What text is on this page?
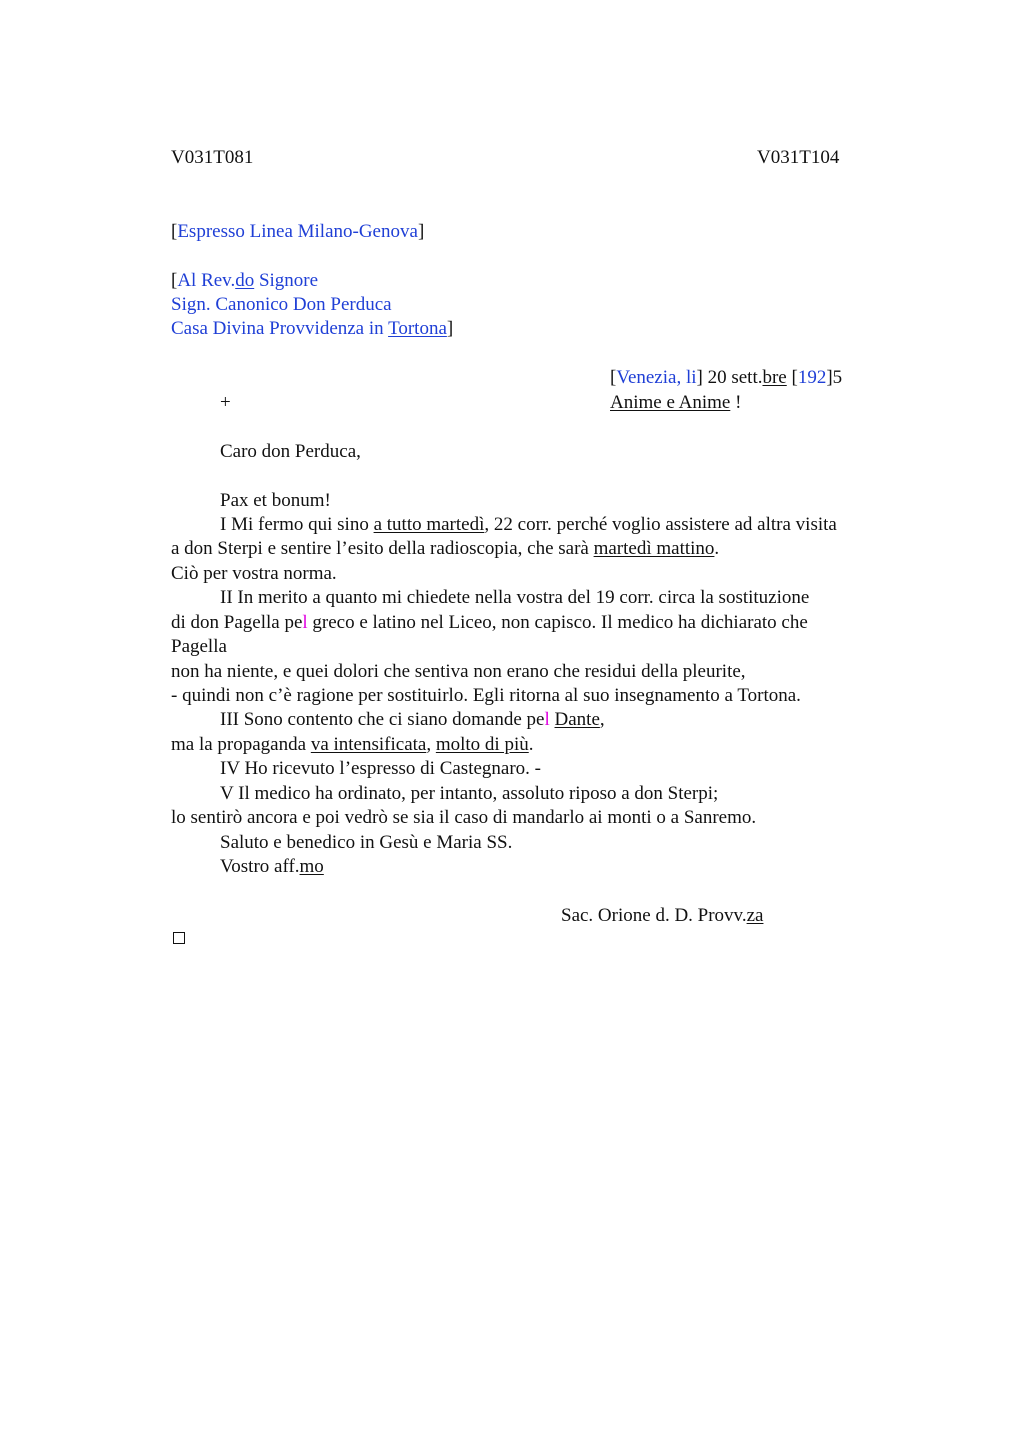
V031T081	V031T104
[Espresso Linea Milano-Genova]
[Al Rev.do Signore
Sign. Canonico Don Perduca
Casa Divina Provvidenza in Tortona]
[Venezia, li] 20 sett.bre [192]5
+	Anime e Anime !
Caro don Perduca,
Pax et bonum!
I Mi fermo qui sino a tutto martedì, 22 corr. perché voglio assistere ad altra visita
a don Sterpi e sentire l’esito della radioscopia, che sarà martedì mattino.
Ciò per vostra norma.
II In merito a quanto mi chiedete nella vostra del 19 corr. circa la sostituzione
di don Pagella pel greco e latino nel Liceo, non capisco. Il medico ha dichiarato che
Pagella
non ha niente, e quei dolori che sentiva non erano che residui della pleurite,
- quindi non c’è ragione per sostituirlo. Egli ritorna al suo insegnamento a Tortona.
III Sono contento che ci siano domande pel Dante,
ma la propaganda va intensificata, molto di più.
IV Ho ricevuto l’espresso di Castegnaro. -
V Il medico ha ordinato, per intanto, assoluto riposo a don Sterpi;
lo sentirò ancora e poi vedrò se sia il caso di mandarlo ai monti o a Sanremo.
Saluto e benedico in Gesù e Maria SS.
Vostro aff.mo
Sac. Orione d. D. Provv.za
